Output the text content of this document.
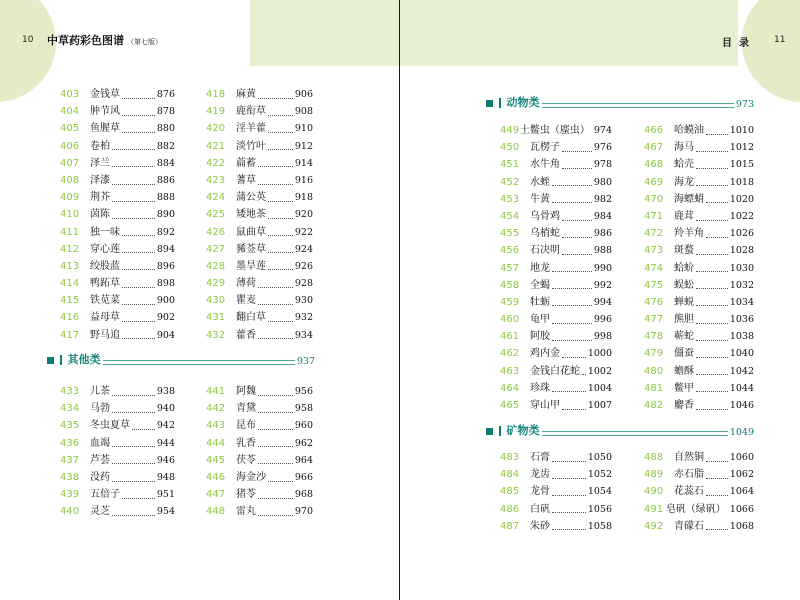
10 中草药彩色图谱 （第七版）
403	金钱草	876
404	肿节风	878
405	鱼腥草	880
406	卷柏	882
407	泽兰	884
408	泽漆	886
409	荆芥	888
410	茵陈	890
411	独一味	892
412	穿心莲	894
413	绞股蓝	896
414	鸭跖草	898
415	铁苋菜	900
416	益母草	902
417	野马追	904
418	麻黄	906
419	鹿衔草	908
420	淫羊藿	910
421	淡竹叶	912
422	萹蓄	914
423	蓍草	916
424	蒲公英	918
425	矮地茶	920
426	鼠曲草	922
427	豨莶草	924
428	墨旱莲	926
429	薄荷	928
430	瞿麦	930
431	翻白草	932
432	藿香	934
其他类	937
433	儿茶	938
434	马勃	940
435	冬虫夏草	942
436	血竭	944
437	芦荟	946
438	没药	948
439	五倍子	951
440	灵芝	954
441	阿魏	956
442	青黛	958
443	昆布	960
444	乳香	962
445	茯苓	964
446	海金沙	966
447	猪苓	968
448	雷丸	970
目录 11
动物类	973
449 土鳖虫（䗪虫） 974
450	瓦楞子	976
451	水牛角	978
452	水蛭	980
453	牛黄	982
454	乌骨鸡	984
455	乌梢蛇	986
456	石决明	988
457	地龙	990
458	全蝎	992
459	牡蛎	994
460	龟甲	996
461	阿胶	998
462	鸡内金	1000
463	金钱白花蛇 1002
464	珍珠	1004
465	穿山甲	1007
466	哈蟆油	1010
467	海马	1012
468	蛤壳	1015
469	海龙	1018
470	海螵蛸	1020
471	鹿茸	1022
472	羚羊角	1026
473	斑蝥	1028
474	蛤蚧	1030
475	蜈蚣	1032
476	蝉蜕	1034
477	熊胆	1036
478	蕲蛇	1038
479	僵蚕	1040
480	蟾酥	1042
481	鳖甲	1044
482	麝香	1046
矿物类	1049
483	石膏	1050
484	龙齿	1052
485	龙骨	1054
486	白矾	1056
487	朱砂	1058
488	自然铜	1060
489	赤石脂	1062
490	花蕊石	1064
491 皂矾（绿矾） 1066
492	青礞石	1068
